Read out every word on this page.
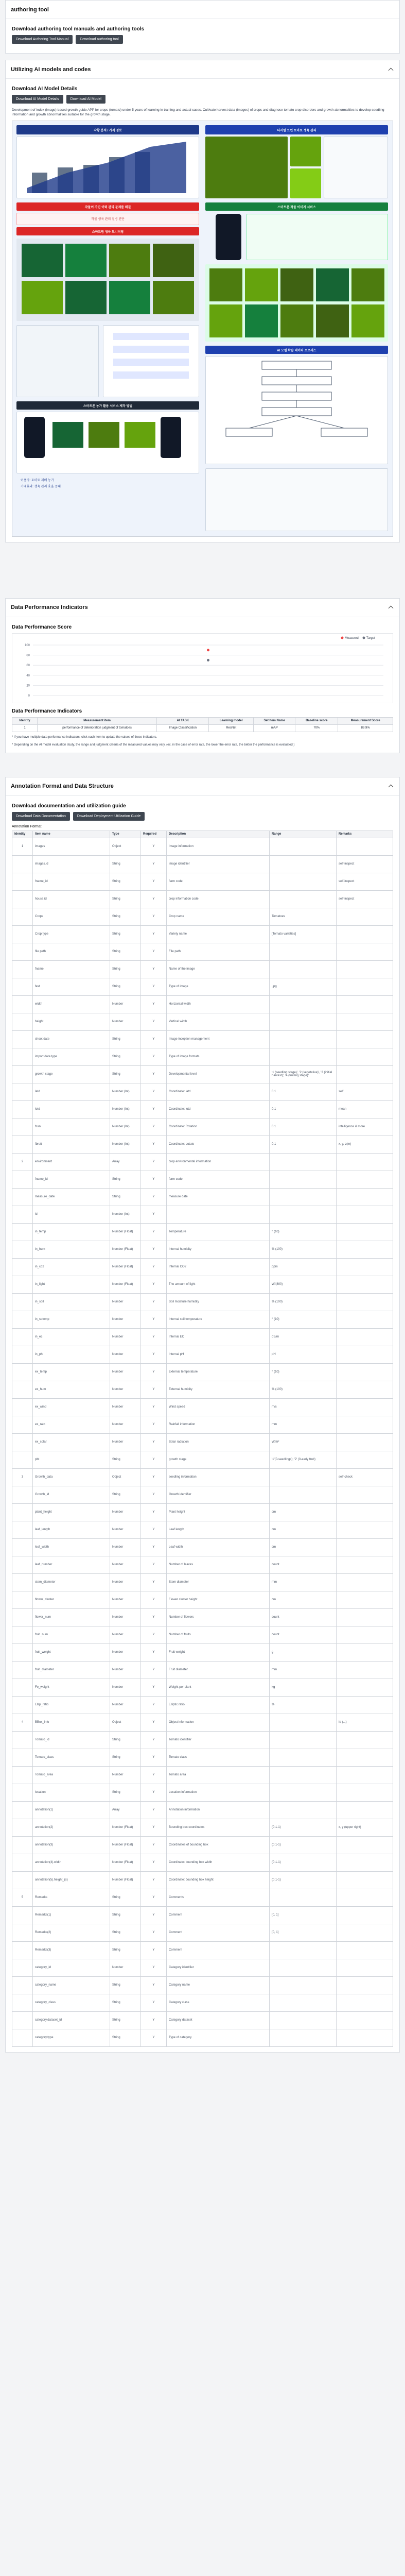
authoring tool
Download authoring tool manuals and authoring tools
Download Authoring Tool Manual	Download authoring tool
Utilizing AI models and codes
Download AI Model Details
Download AI Model Details	Download AI Model

Development of index (image)-based growth guide APP for crops (tomato) under 5 years of learning in training and actual cases. Cultivate harvest data (images) of crops and diagnose tomato crop disorders and growth abnormalities to develop seedling information and growth abnormalities suitable for the growth stage.

작황 분석 / 가격 정보	디지털 트윈 토마토 생육 관리
작물이 가진 이력 관리 문제를 해결
작물 생육 관리 질병 진단
스마트팜 생육 모니터링
스마트폰 작물 이미지 서비스
AI 모델 학습 데이터 프로세스
스마트폰 농가 활용 서비스 제작 방법
이용자: 토마토 재배 농가
기대효과: 생육 관리 효율 증대
Data Performance Indicators
Data Performance Score
100
80
60
40
20
0
Measured	Target
Data Performance Indicators
Identity	Measurement item	AI TASK	Learning model	Set Item Name	Baseline score	Measurement Score
1	performance of deterioration judgment of tomatoes	Image Classification	ResNet	mAP	70%	89.9%

* If you have multiple data performance indicators, click each item to update the values of those indicators.

* Depending on the AI model evaluation study, the range and judgment criteria of the measured values may vary. (ex. in the case of error rate, the lower the error rate, the better the performance is evaluated.)

Annotation Format and Data Structure
Download documentation and utilization guide
Download Data Documentation	Download Deployment Utilization Guide
Annotation Format
Identity	Item name	Type	Required	Description	Range	Remarks
1	images	Object	Y	Image information		
	images.id	String	Y	image identifier		self-inspect
	fname_id	String	Y	farm code		self-inspect
	house.id	String	Y	crop information code		self-inspect
	Crops	String	Y	Crop name	Tomatoes	
	Crop type	String	Y	Variety name	[Tomato varieties]	
	file path	String	Y	File path		
	fname	String	Y	Name of the image		
	fext	String	Y	Type of image	.jpg	
	width	Number	Y	Horizontal width		
	height	Number	Y	Vertical width		
	shoot date	String	Y	Image inception management		
	import data type	String	Y	Type of image formats		
	growth stage	String	Y	Developmental level	'1 (seedling stage)', '2 (vegetative)', '3 (initial harvest)', '4 (fruiting stage)'	
	latd	Number (Int)	Y	Coordinate: latd	0.1	self
	lotd	Number (Int)	Y	Coordinate: lotd	0.1	mean
	fssn	Number (Int)	Y	Coordinate: Rotation	0.1	intelligence & more
	fbrstt	Number (Int)	Y	Coordinate: Lotate	0.1	x, y, z(m)
2	environment	Array	Y	crop environmental information		
	fname_id	String	Y	farm code		
	measure_date	String	Y	measure date		
	id	Number (Int)	Y			
	in_temp	Number (Float)	Y	Temperature	° (10)	
	in_hum	Number (Float)	Y	Internal humidity	% (100)	
	in_co2	Number (Float)	Y	Internal CO2	ppm	
	in_light	Number (Float)	Y	The amount of light	W/(800)	
	in_soil	Number	Y	Soil moisture humidity	% (100)	
	in_sotemp	Number	Y	Internal soil temperature	° (10)	
	in_ec	Number	Y	Internal EC	dS/m	
	in_ph	Number	Y	Internal pH	pH	
	ex_temp	Number	Y	External temperature	° (10)	
	ex_hum	Number	Y	External humidity	% (100)	
	ex_wind	Number	Y	Wind speed	m/s	
	ex_rain	Number	Y	Rainfall information	mm	
	ex_solar	Number	Y	Solar radiation	W/m²	
	pbt	String	Y	growth stage	'1'(0-seedlings); '2' (0-early fruit)	
3	Growth_data	Object	Y	seedling information		self-check
	Growth_id	String	Y	Growth identifier		
	plant_height	Number	Y	Plant height	cm	
	leaf_length	Number	Y	Leaf length	cm	
	leaf_width	Number	Y	Leaf width	cm	
	leaf_number	Number	Y	Number of leaves	count	
	stem_diameter	Number	Y	Stem diameter	mm	
	flower_cluster	Number	Y	Flower cluster height	cm	
	flower_num	Number	Y	Number of flowers	count	
	fruit_num	Number	Y	Number of fruits	count	
	fruit_weight	Number	Y	Fruit weight	g	
	fruit_diameter	Number	Y	Fruit diameter	mm	
	Fe_weight	Number	Y	Weight per plant	kg	
	Ellip_ratio	Number	Y	Elliptic ratio	%	
4	BBox_info	Object	Y	Object information		Id (...)
	Tomato_id	String	Y	Tomato identifier		
	Tomato_class	String	Y	Tomato class		
	Tomato_area	Number	Y	Tomato area		
	location	String	Y	Location information		
	annotation(1)	Array	Y	Annotation information		
	annotation(2)	Number (Float)	Y	Bounding box coordinates	(0.1-1)	x, y (upper right)
	annotation(3)	Number (Float)	Y	Coordinates of bounding box	(0.1-1)	
	annotation(4).width	Number (Float)	Y	Coordinate: bounding box width	(0.1-1)	
	annotation(5).height_(x)	Number (Float)	Y	Coordinate: bounding box height	(0.1-1)	
5	Remarks	String	Y	Comments		
	Remarks(1)	String	Y	Comment	[0, 1]	
	Remarks(2)	String	Y	Comment	[0, 1]	
	Remarks(3)	String	Y	Comment		
	category_id	Number	Y	Category identifier		
	category_name	String	Y	Category name		
	category_class	String	Y	Category class		
	category.dataset_id	String	Y	Category dataset		
	category.type	String	Y	Type of category		
